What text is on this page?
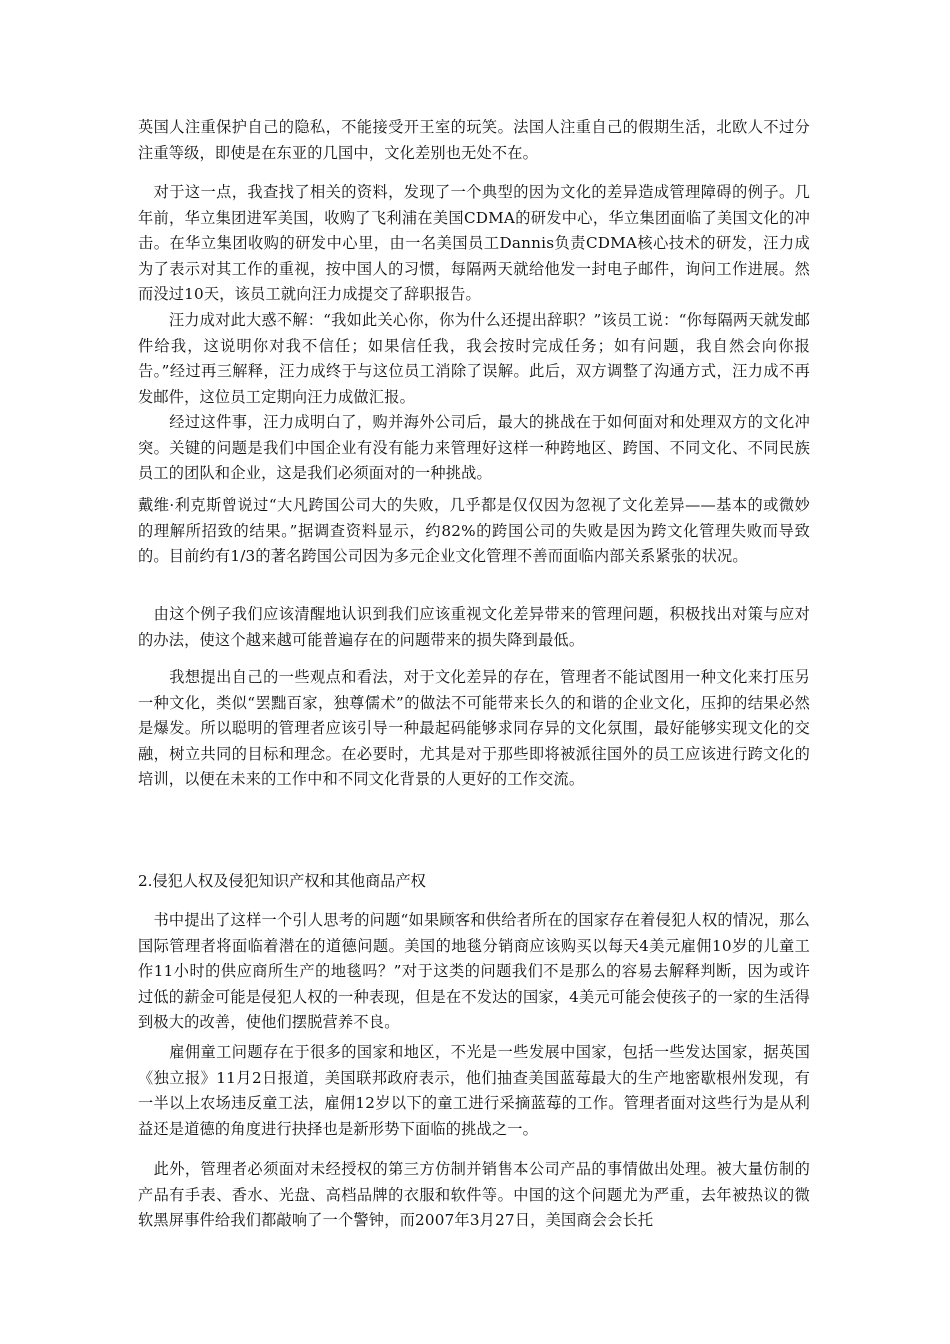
英国人注重保护自己的隐私，不能接受开王室的玩笑。法国人注重自己的假期生活，北欧人不过分注重等级，即使是在东亚的几国中，文化差别也无处不在。

　对于这一点，我查找了相关的资料，发现了一个典型的因为文化的差异造成管理障碍的例子。几年前，华立集团进军美国，收购了飞利浦在美国CDMA的研发中心，华立集团面临了美国文化的冲击。在华立集团收购的研发中心里，由一名美国员工Dannis负责CDMA核心技术的研发，汪力成为了表示对其工作的重视，按中国人的习惯，每隔两天就给他发一封电子邮件，询问工作进展。然而没过10天，该员工就向汪力成提交了辞职报告。

　　汪力成对此大惑不解：“我如此关心你，你为什么还提出辞职？”该员工说：“你每隔两天就发邮件给我，这说明你对我不信任；如果信任我，我会按时完成任务；如有问题，我自然会向你报告。”经过再三解释，汪力成终于与这位员工消除了误解。此后，双方调整了沟通方式，汪力成不再发邮件，这位员工定期向汪力成做汇报。

　　经过这件事，汪力成明白了，购并海外公司后，最大的挑战在于如何面对和处理双方的文化冲突。关键的问题是我们中国企业有没有能力来管理好这样一种跨地区、跨国、不同文化、不同民族员工的团队和企业，这是我们必须面对的一种挑战。

戴维·利克斯曾说过“大凡跨国公司大的失败，几乎都是仅仅因为忽视了文化差异——基本的或微妙的理解所招致的结果。”据调查资料显示，约82%的跨国公司的失败是因为跨文化管理失败而导致的。目前约有1/3的著名跨国公司因为多元企业文化管理不善而面临内部关系紧张的状况。

　由这个例子我们应该清醒地认识到我们应该重视文化差异带来的管理问题，积极找出对策与应对的办法，使这个越来越可能普遍存在的问题带来的损失降到最低。

　　我想提出自己的一些观点和看法，对于文化差异的存在，管理者不能试图用一种文化来打压另一种文化，类似“罢黜百家，独尊儒术”的做法不可能带来长久的和谐的企业文化，压抑的结果必然是爆发。所以聪明的管理者应该引导一种最起码能够求同存异的文化氛围，最好能够实现文化的交融，树立共同的目标和理念。在必要时，尤其是对于那些即将被派往国外的员工应该进行跨文化的培训，以便在未来的工作中和不同文化背景的人更好的工作交流。

2.侵犯人权及侵犯知识产权和其他商品产权

　书中提出了这样一个引人思考的问题“如果顾客和供给者所在的国家存在着侵犯人权的情况，那么国际管理者将面临着潜在的道德问题。美国的地毯分销商应该购买以每天4美元雇佣10岁的儿童工作11小时的供应商所生产的地毯吗？”对于这类的问题我们不是那么的容易去解释判断，因为或许过低的薪金可能是侵犯人权的一种表现，但是在不发达的国家，4美元可能会使孩子的一家的生活得到极大的改善，使他们摆脱营养不良。

　　雇佣童工问题存在于很多的国家和地区，不光是一些发展中国家，包括一些发达国家，据英国《独立报》11月2日报道，美国联邦政府表示，他们抽查美国蓝莓最大的生产地密歇根州发现，有一半以上农场违反童工法，雇佣12岁以下的童工进行采摘蓝莓的工作。管理者面对这些行为是从利益还是道德的角度进行抉择也是新形势下面临的挑战之一。

　此外，管理者必须面对未经授权的第三方仿制并销售本公司产品的事情做出处理。被大量仿制的产品有手表、香水、光盘、高档品牌的衣服和软件等。中国的这个问题尤为严重，去年被热议的微软黑屏事件给我们都敲响了一个警钟，而2007年3月27日，美国商会会长托
